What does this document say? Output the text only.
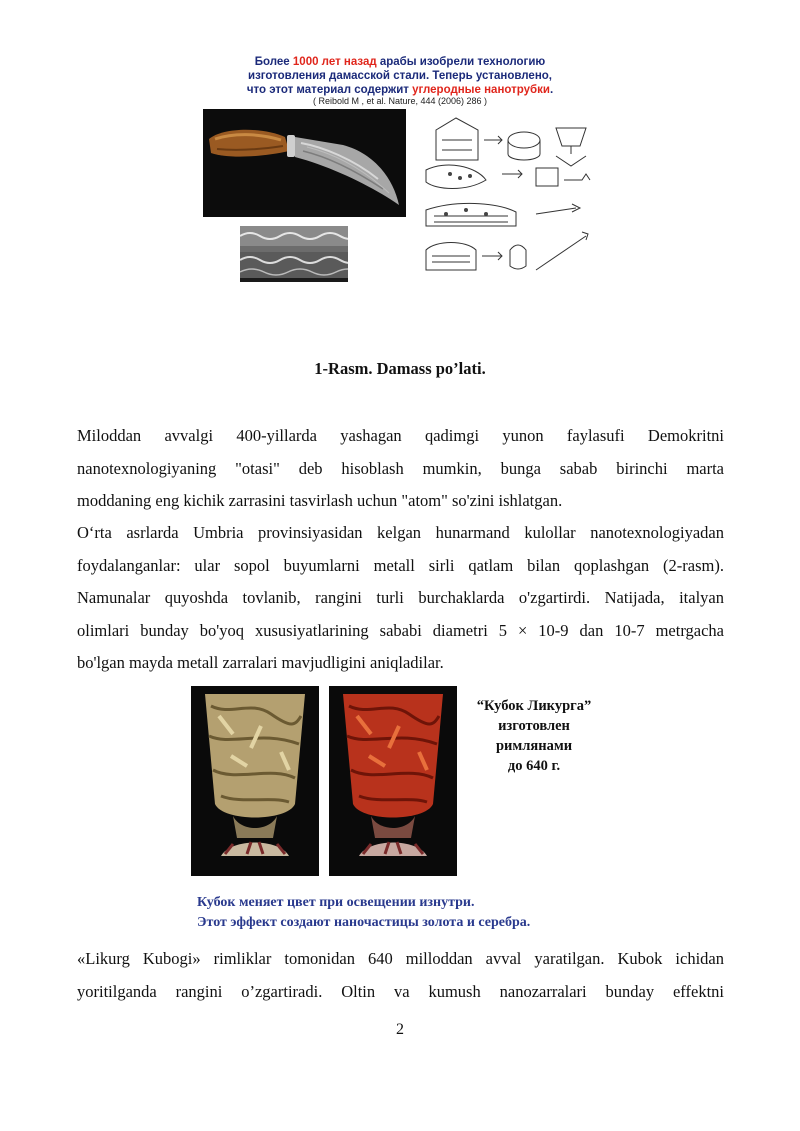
Более 1000 лет назад арабы изобрели технологию
изготовления дамасской стали. Теперь установлено,
что этот материал содержит углеродные нанотрубки.
( Reibold M , et al. Nature, 444 (2006) 286 )
1-Rasm. Damass po’lati.
Miloddan avvalgi 400-yillarda yashagan qadimgi yunon faylasufi Demokritni
nanotexnologiyaning "otasi" deb hisoblash mumkin, bunga sabab birinchi marta
moddaning eng kichik zarrasini tasvirlash uchun "atom" so'zini ishlatgan.
O‘rta asrlarda Umbria provinsiyasidan kelgan hunarmand kulollar nanotexnologiyadan
foydalanganlar: ular sopol buyumlarni metall sirli qatlam bilan qoplashgan (2-rasm).
Namunalar quyoshda tovlanib, rangini turli burchaklarda o'zgartirdi. Natijada, italyan
olimlari bunday bo'yoq xususiyatlarining sababi diametri 5 × 10-9 dan 10-7 metrgacha
bo'lgan mayda metall zarralari mavjudligini aniqladilar.
“Кубок Ликурга”
изготовлен
римлянами
до 640 г.
Кубок меняет цвет при освещении изнутри.
Этот эффект создают наночастицы золота и серебра.
«Likurg Kubogi» rimliklar tomonidan 640 milloddan avval yaratilgan. Kubok ichidan
yoritilganda rangini o’zgartiradi. Oltin va kumush nanozarralari bunday effektni
2
